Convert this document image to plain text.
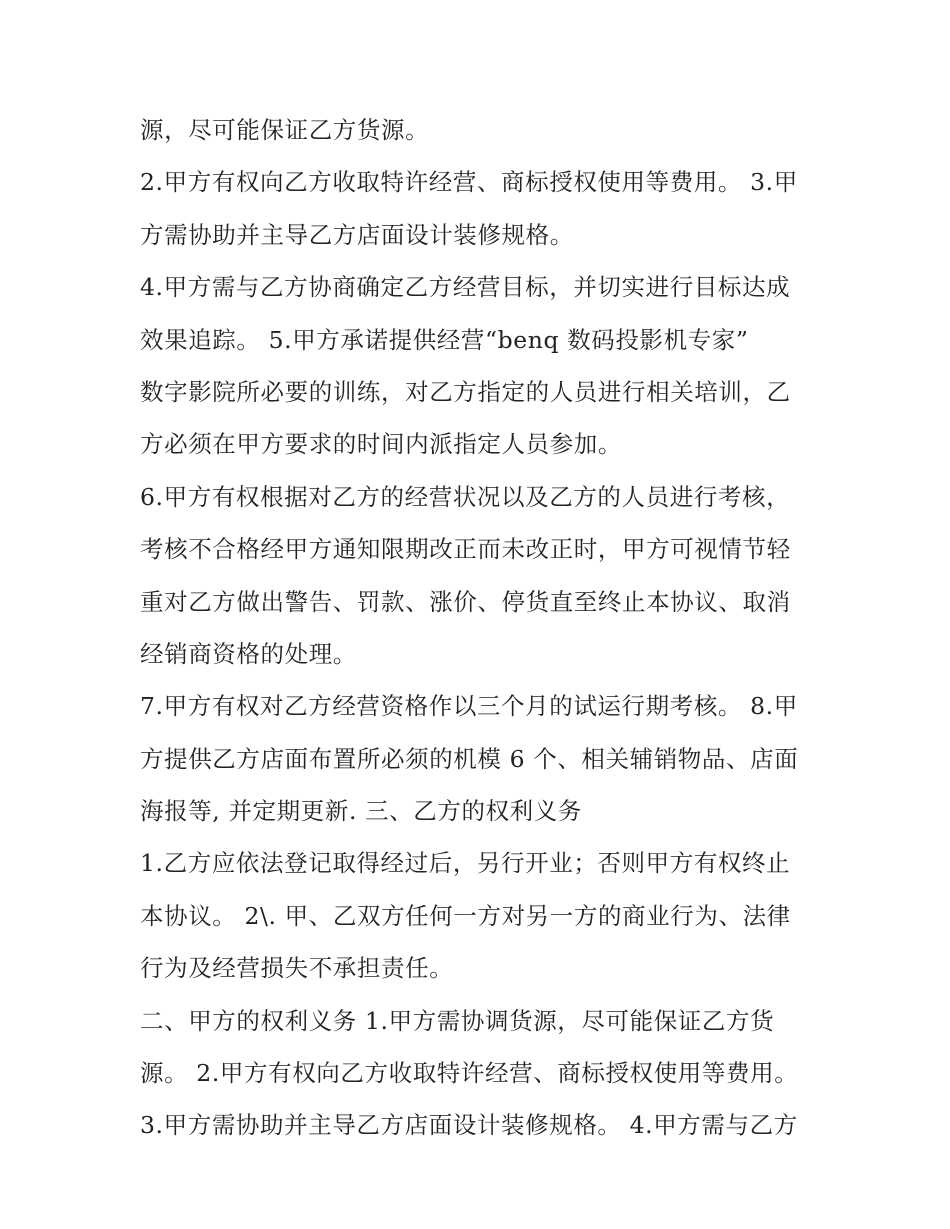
源，尽可能保证乙方货源。
2.甲方有权向乙方收取特许经营、商标授权使用等费用。 3.甲
方需协助并主导乙方店面设计装修规格。
4.甲方需与乙方协商确定乙方经营目标，并切实进行目标达成
效果追踪。 5.甲方承诺提供经营“benq 数码投影机专家”
数字影院所必要的训练，对乙方指定的人员进行相关培训，乙
方必须在甲方要求的时间内派指定人员参加。
6.甲方有权根据对乙方的经营状况以及乙方的人员进行考核，
考核不合格经甲方通知限期改正而未改正时，甲方可视情节轻
重对乙方做出警告、罚款、涨价、停货直至终止本协议、取消
经销商资格的处理。
7.甲方有权对乙方经营资格作以三个月的试运行期考核。 8.甲
方提供乙方店面布置所必须的机模 6 个、相关辅销物品、店面
海报等, 并定期更新. 三、乙方的权利义务
1.乙方应依法登记取得经过后，另行开业；否则甲方有权终止
本协议。 2\. 甲、乙双方任何一方对另一方的商业行为、法律
行为及经营损失不承担责任。
二、甲方的权利义务 1.甲方需协调货源，尽可能保证乙方货
源。 2.甲方有权向乙方收取特许经营、商标授权使用等费用。
3.甲方需协助并主导乙方店面设计装修规格。 4.甲方需与乙方
